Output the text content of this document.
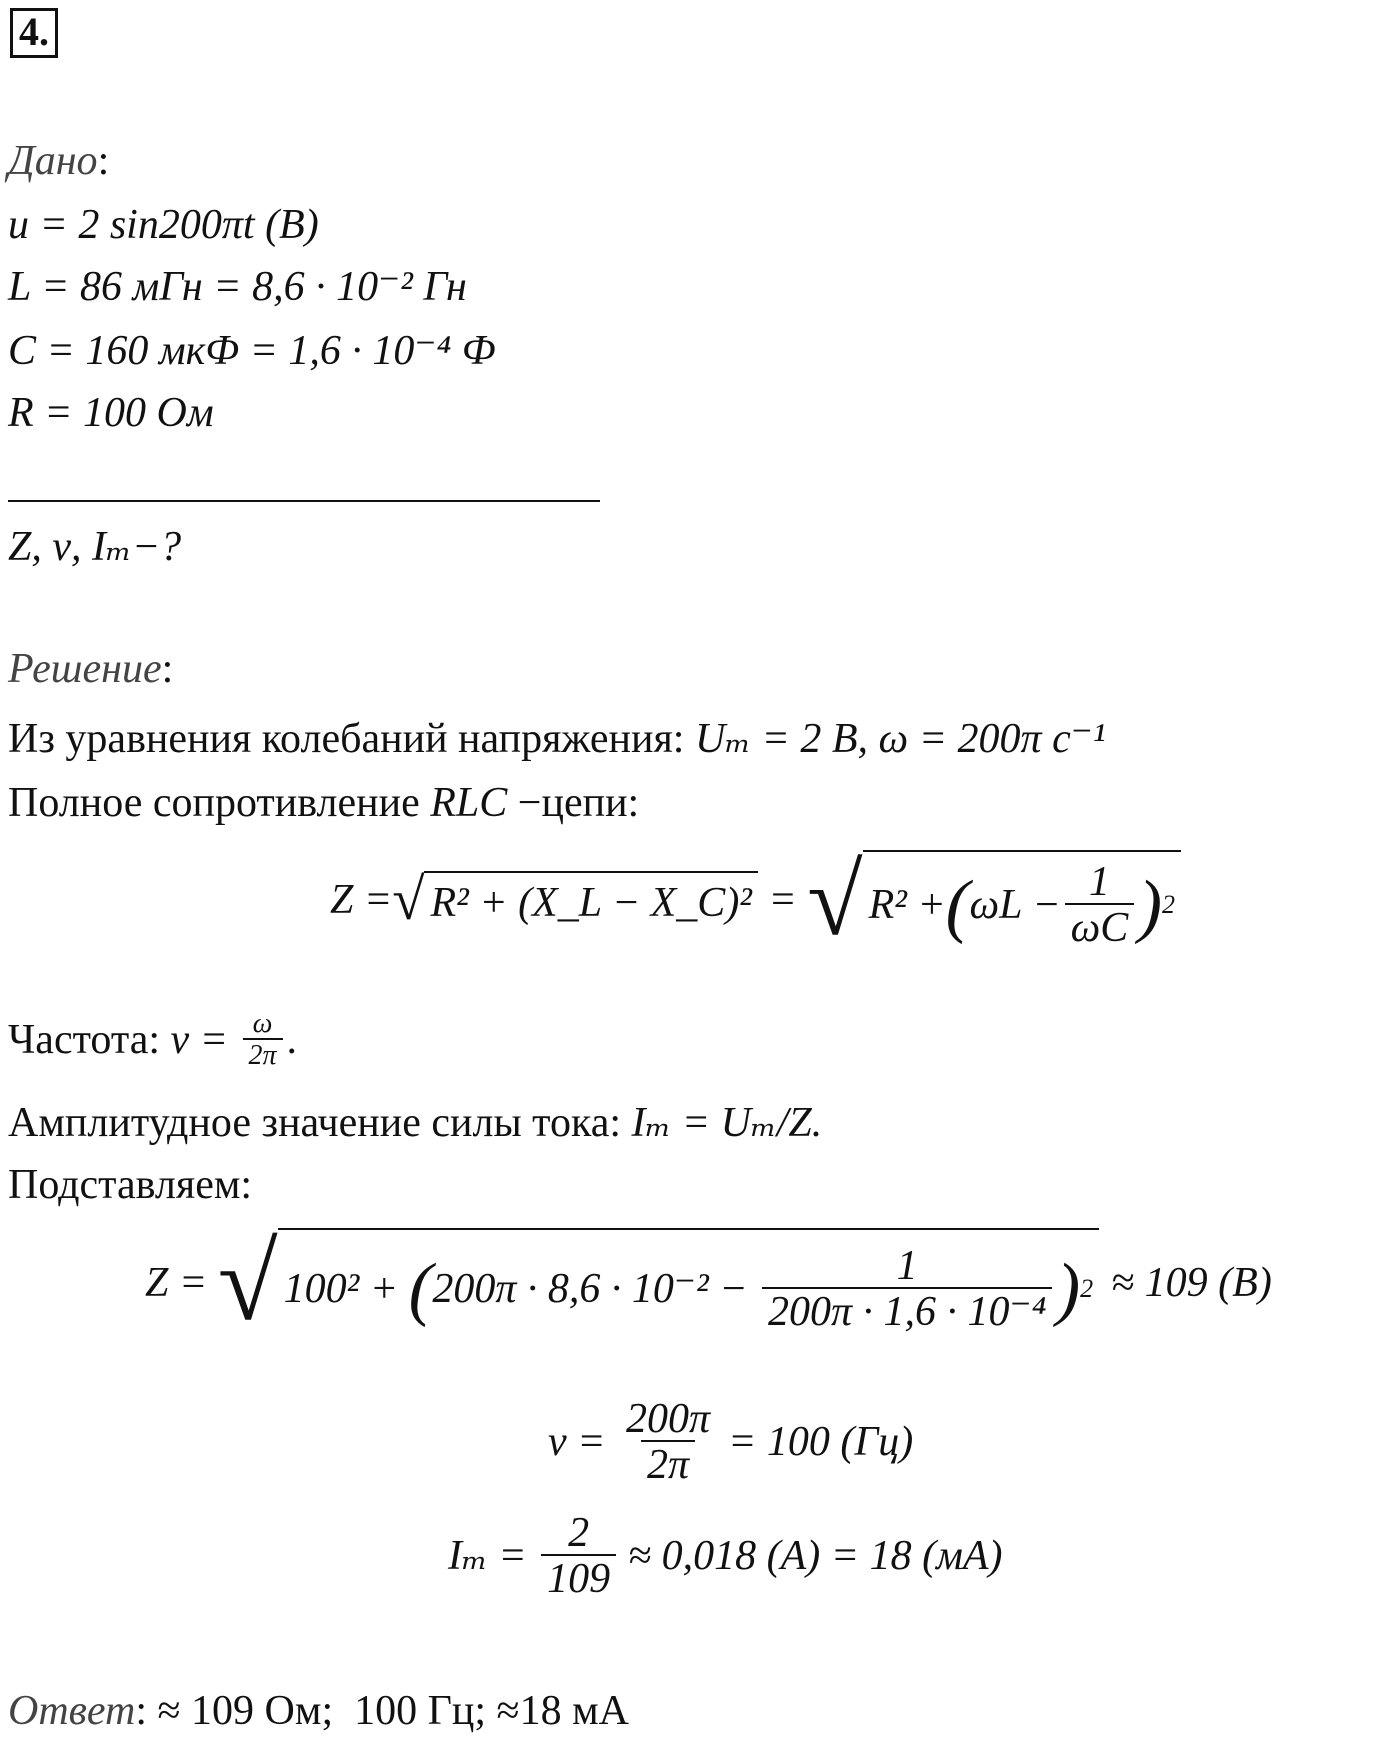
4.
Дано:
u = 2 sin200πt (В)
L = 86 мГн = 8,6 · 10⁻² Гн
C = 160 мкФ = 1,6 · 10⁻⁴ Ф
R = 100 Ом
Z, ν, Iₘ−?
Решение:
Из уравнения колебаний напряжения: Uₘ = 2 В, ω = 200π с⁻¹
Полное сопротивление RLC −цепи:
Z = √ R² + (X_L − X_C)² = √ R² + ( $\omega L - \frac{1}{\omega C}$ ) 2
Частота: $\nu = \frac{\omega}{2\pi}$ .
Амплитудное значение силы тока: Iₘ = Uₘ/Z.
Подставляем:
Z = √ 100² + ( $200\pi \cdot 8,6 \cdot 10^{-2} - \frac{1}{\text{200π · 1,6 · 10⁻⁴}}$ ) 2 ≈ 109 (В)
$\nu = \frac{200\pi}{2\pi} = 100$ (Гц)
$I_m = \frac{2}{109} \approx 0,018$ (А) = 18 (мА)
Ответ: ≈ 109 Ом;  100 Гц; ≈18 мА
